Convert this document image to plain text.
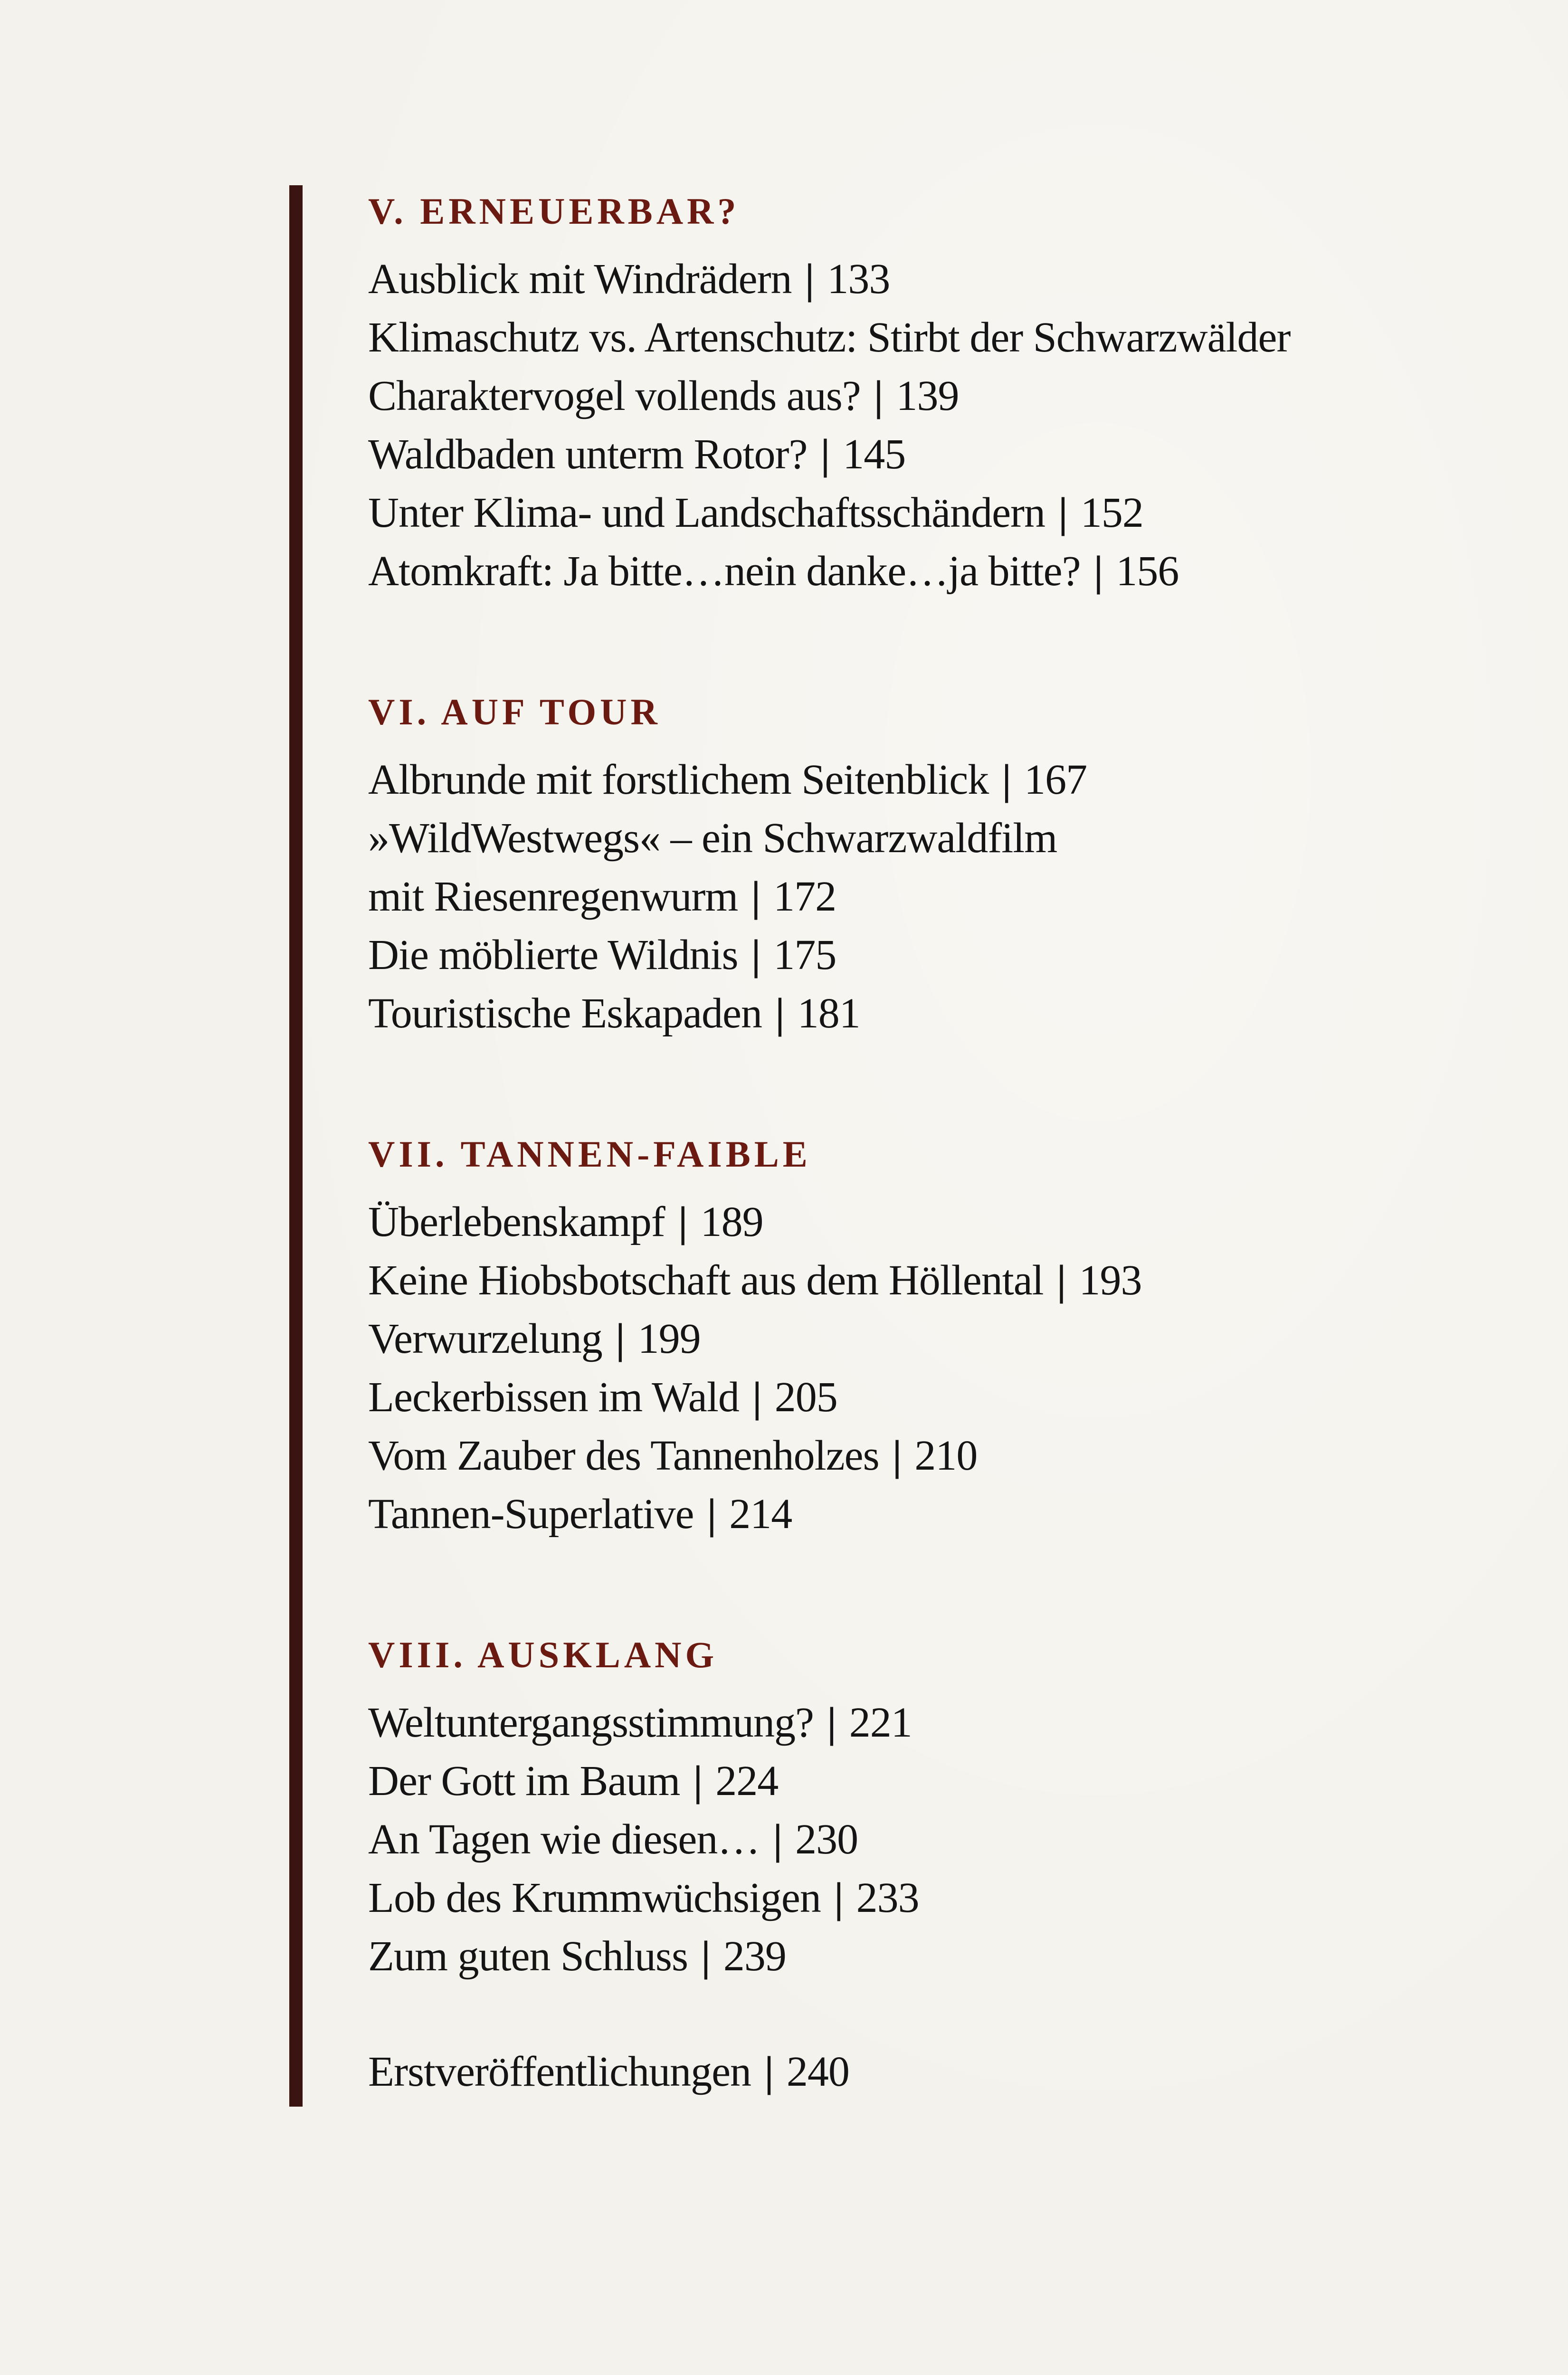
V. ERNEUERBAR?
Ausblick mit Windrädern | 133
Klimaschutz vs. Artenschutz: Stirbt der Schwarzwälder
Charaktervogel vollends aus? | 139
Waldbaden unterm Rotor? | 145
Unter Klima- und Landschaftsschändern | 152
Atomkraft: Ja bitte…nein danke…ja bitte? | 156
VI. AUF TOUR
Albrunde mit forstlichem Seitenblick | 167
»WildWestwegs« – ein Schwarzwaldfilm
mit Riesenregenwurm | 172
Die möblierte Wildnis | 175
Touristische Eskapaden | 181
VII. TANNEN-FAIBLE
Überlebenskampf | 189
Keine Hiobsbotschaft aus dem Höllental | 193
Verwurzelung | 199
Leckerbissen im Wald | 205
Vom Zauber des Tannenholzes | 210
Tannen-Superlative | 214
VIII. AUSKLANG
Weltuntergangsstimmung? | 221
Der Gott im Baum | 224
An Tagen wie diesen… | 230
Lob des Krummwüchsigen | 233
Zum guten Schluss | 239
Erstveröffentlichungen | 240
